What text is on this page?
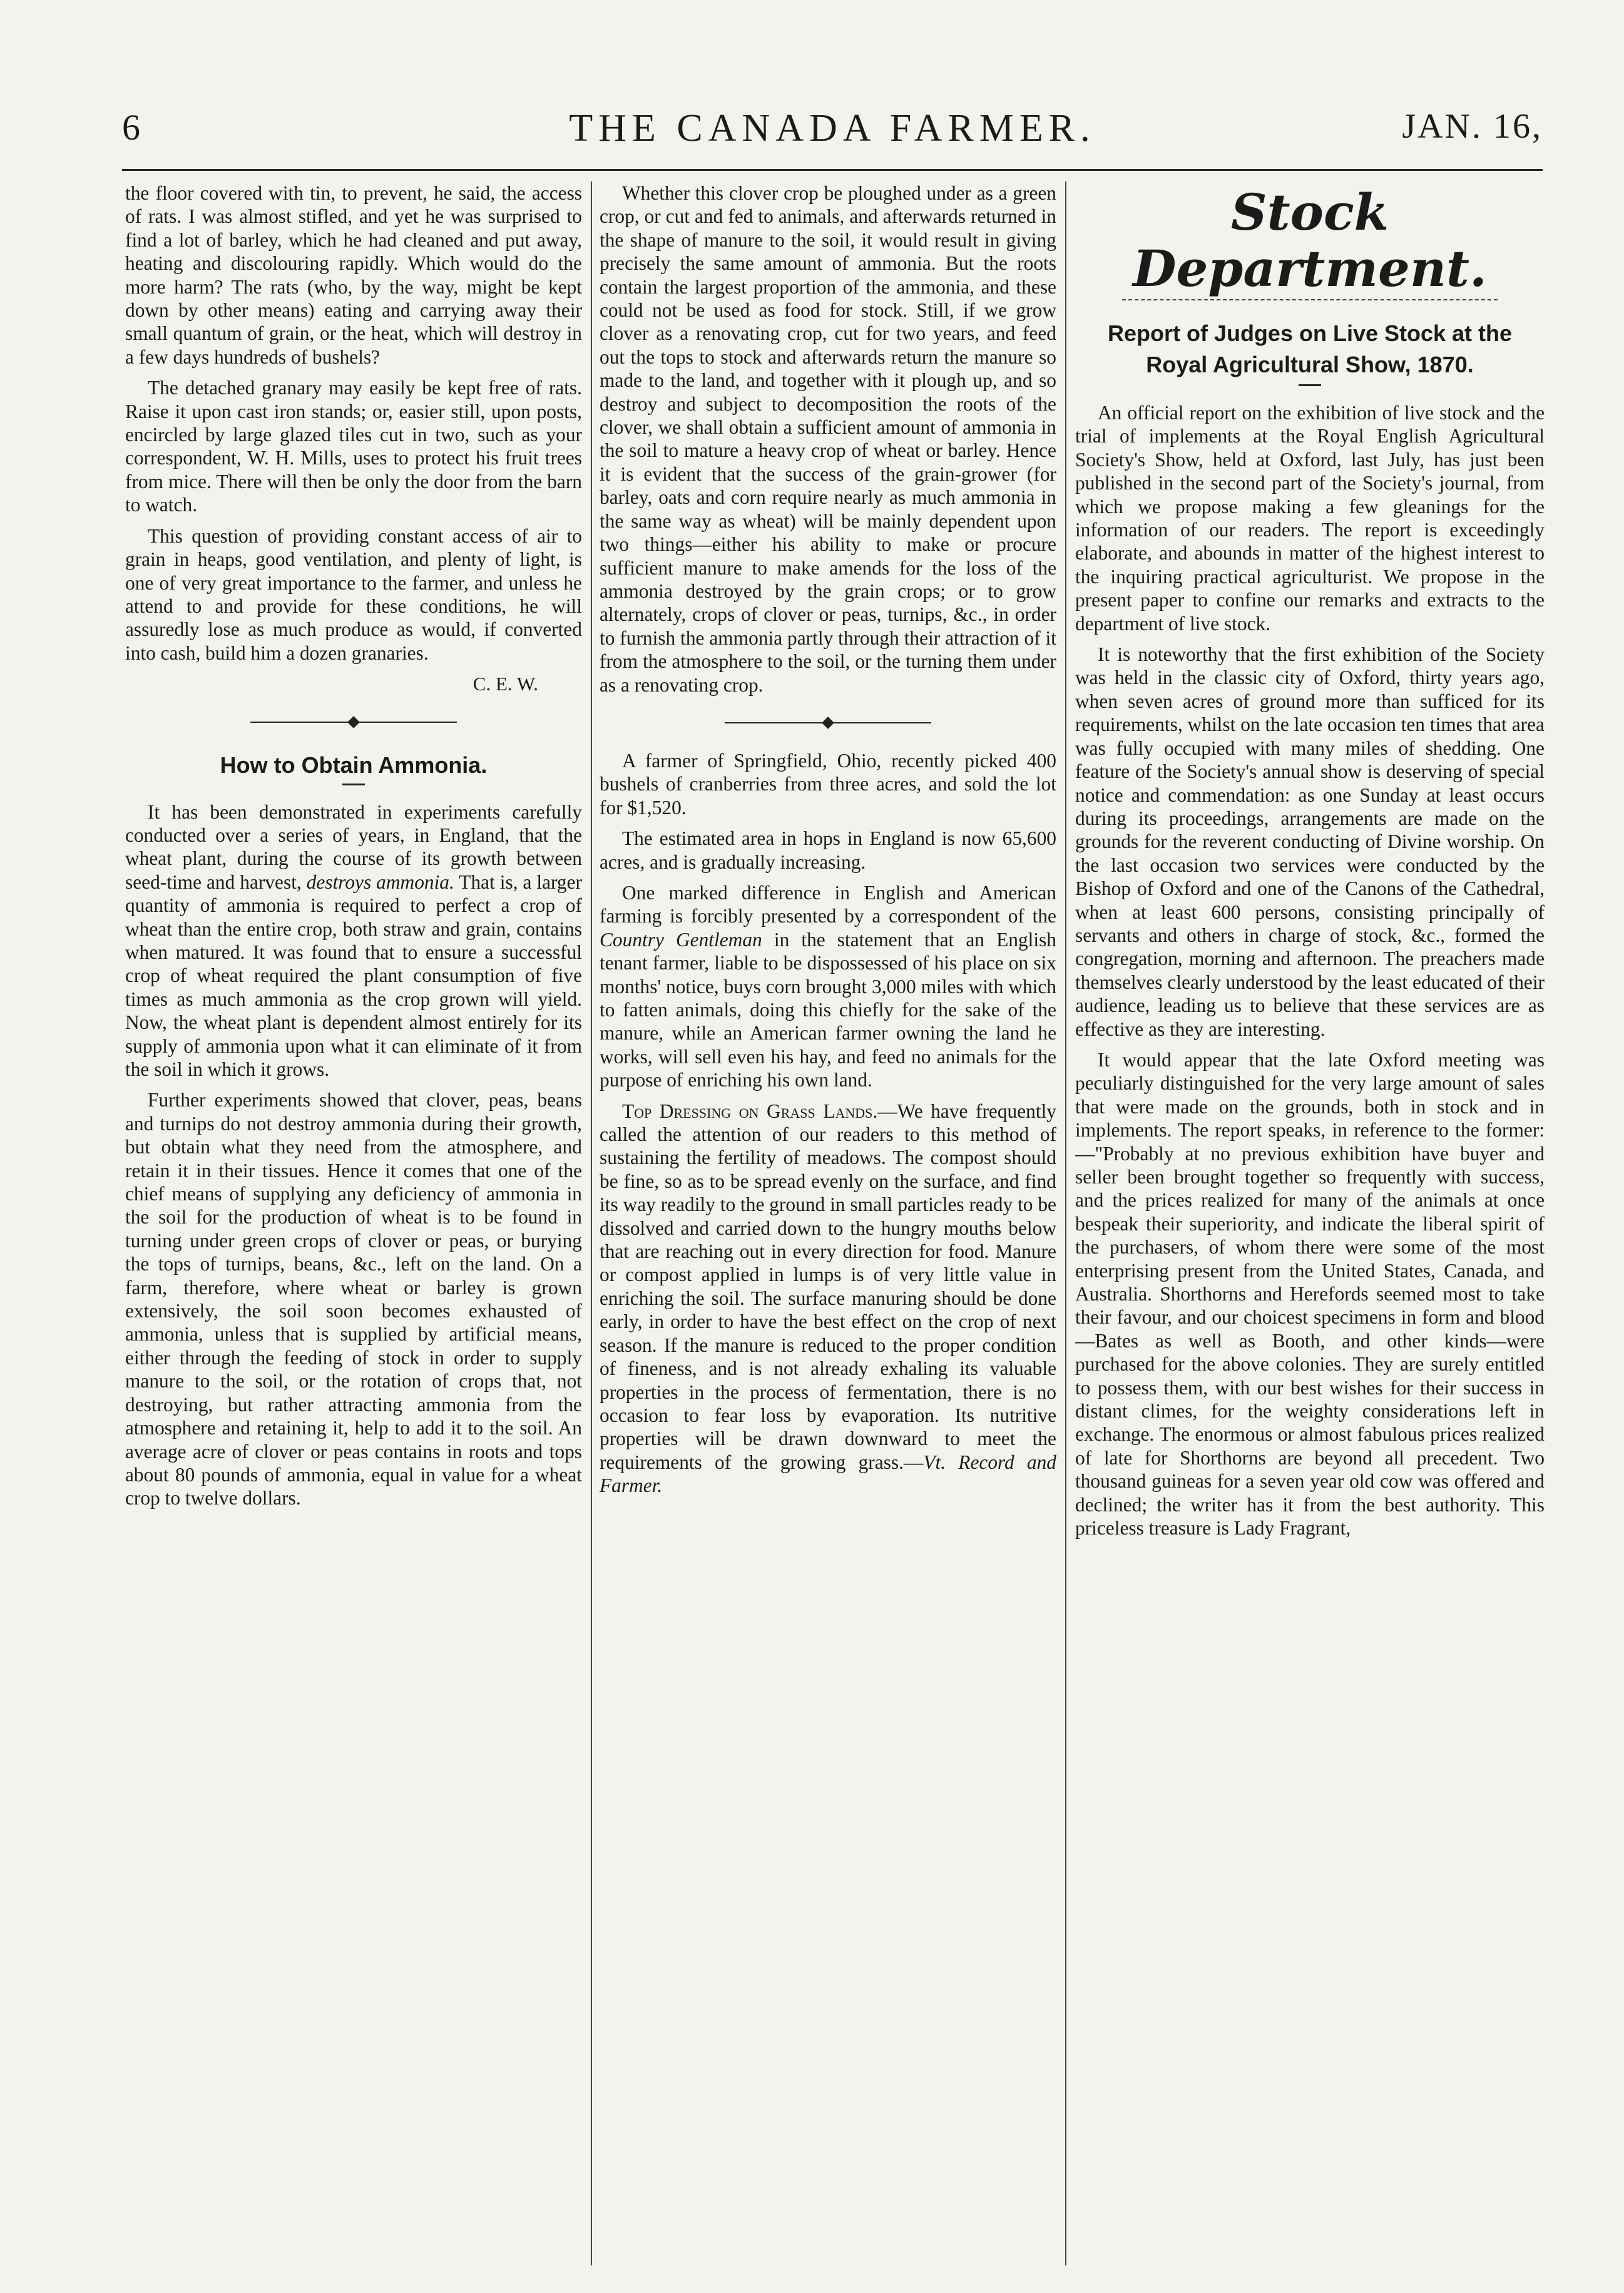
6	THE CANADA FARMER.	JAN. 16,

the floor covered with tin, to prevent, he said, the access of rats. I was almost stifled, and yet he was surprised to find a lot of barley, which he had cleaned and put away, heating and discolouring rapidly. Which would do the more harm? The rats (who, by the way, might be kept down by other means) eating and carrying away their small quantum of grain, or the heat, which will destroy in a few days hundreds of bushels?

The detached granary may easily be kept free of rats. Raise it upon cast iron stands; or, easier still, upon posts, encircled by large glazed tiles cut in two, such as your correspondent, W. H. Mills, uses to protect his fruit trees from mice. There will then be only the door from the barn to watch.

This question of providing constant access of air to grain in heaps, good ventilation, and plenty of light, is one of very great importance to the farmer, and unless he attend to and provide for these conditions, he will assuredly lose as much produce as would, if converted into cash, build him a dozen granaries.

C. E. W.

How to Obtain Ammonia.

It has been demonstrated in experiments carefully conducted over a series of years, in England, that the wheat plant, during the course of its growth between seed-time and harvest, destroys ammonia. That is, a larger quantity of ammonia is required to perfect a crop of wheat than the entire crop, both straw and grain, contains when matured. It was found that to ensure a successful crop of wheat required the plant consumption of five times as much ammonia as the crop grown will yield. Now, the wheat plant is dependent almost entirely for its supply of ammonia upon what it can eliminate of it from the soil in which it grows.

Further experiments showed that clover, peas, beans and turnips do not destroy ammonia during their growth, but obtain what they need from the atmosphere, and retain it in their tissues. Hence it comes that one of the chief means of supplying any deficiency of ammonia in the soil for the production of wheat is to be found in turning under green crops of clover or peas, or burying the tops of turnips, beans, &c., left on the land. On a farm, therefore, where wheat or barley is grown extensively, the soil soon becomes exhausted of ammonia, unless that is supplied by artificial means, either through the feeding of stock in order to supply manure to the soil, or the rotation of crops that, not destroying, but rather attracting ammonia from the atmosphere and retaining it, help to add it to the soil. An average acre of clover or peas contains in roots and tops about 80 pounds of ammonia, equal in value for a wheat crop to twelve dollars.

Whether this clover crop be ploughed under as a green crop, or cut and fed to animals, and afterwards returned in the shape of manure to the soil, it would result in giving precisely the same amount of ammonia. But the roots contain the largest proportion of the ammonia, and these could not be used as food for stock. Still, if we grow clover as a renovating crop, cut for two years, and feed out the tops to stock and afterwards return the manure so made to the land, and together with it plough up, and so destroy and subject to decomposition the roots of the clover, we shall obtain a sufficient amount of ammonia in the soil to mature a heavy crop of wheat or barley. Hence it is evident that the success of the grain-grower (for barley, oats and corn require nearly as much ammonia in the same way as wheat) will be mainly dependent upon two things—either his ability to make or procure sufficient manure to make amends for the loss of the ammonia destroyed by the grain crops; or to grow alternately, crops of clover or peas, turnips, &c., in order to furnish the ammonia partly through their attraction of it from the atmosphere to the soil, or the turning them under as a renovating crop.

A farmer of Springfield, Ohio, recently picked 400 bushels of cranberries from three acres, and sold the lot for $1,520.

The estimated area in hops in England is now 65,600 acres, and is gradually increasing.

One marked difference in English and American farming is forcibly presented by a correspondent of the Country Gentleman in the statement that an English tenant farmer, liable to be dispossessed of his place on six months' notice, buys corn brought 3,000 miles with which to fatten animals, doing this chiefly for the sake of the manure, while an American farmer owning the land he works, will sell even his hay, and feed no animals for the purpose of enriching his own land.

Top Dressing on Grass Lands.—We have frequently called the attention of our readers to this method of sustaining the fertility of meadows. The compost should be fine, so as to be spread evenly on the surface, and find its way readily to the ground in small particles ready to be dissolved and carried down to the hungry mouths below that are reaching out in every direction for food. Manure or compost applied in lumps is of very little value in enriching the soil. The surface manuring should be done early, in order to have the best effect on the crop of next season. If the manure is reduced to the proper condition of fineness, and is not already exhaling its valuable properties in the process of fermentation, there is no occasion to fear loss by evaporation. Its nutritive properties will be drawn downward to meet the requirements of the growing grass.—Vt. Record and Farmer.

Stock Department.
Report of Judges on Live Stock at the Royal Agricultural Show, 1870.

An official report on the exhibition of live stock and the trial of implements at the Royal English Agricultural Society's Show, held at Oxford, last July, has just been published in the second part of the Society's journal, from which we propose making a few gleanings for the information of our readers. The report is exceedingly elaborate, and abounds in matter of the highest interest to the inquiring practical agriculturist. We propose in the present paper to confine our remarks and extracts to the department of live stock.

It is noteworthy that the first exhibition of the Society was held in the classic city of Oxford, thirty years ago, when seven acres of ground more than sufficed for its requirements, whilst on the late occasion ten times that area was fully occupied with many miles of shedding. One feature of the Society's annual show is deserving of special notice and commendation: as one Sunday at least occurs during its proceedings, arrangements are made on the grounds for the reverent conducting of Divine worship. On the last occasion two services were conducted by the Bishop of Oxford and one of the Canons of the Cathedral, when at least 600 persons, consisting principally of servants and others in charge of stock, &c., formed the congregation, morning and afternoon. The preachers made themselves clearly understood by the least educated of their audience, leading us to believe that these services are as effective as they are interesting.

It would appear that the late Oxford meeting was peculiarly distinguished for the very large amount of sales that were made on the grounds, both in stock and in implements. The report speaks, in reference to the former:—"Probably at no previous exhibition have buyer and seller been brought together so frequently with success, and the prices realized for many of the animals at once bespeak their superiority, and indicate the liberal spirit of the purchasers, of whom there were some of the most enterprising present from the United States, Canada, and Australia. Shorthorns and Herefords seemed most to take their favour, and our choicest specimens in form and blood—Bates as well as Booth, and other kinds—were purchased for the above colonies. They are surely entitled to possess them, with our best wishes for their success in distant climes, for the weighty considerations left in exchange. The enormous or almost fabulous prices realized of late for Shorthorns are beyond all precedent. Two thousand guineas for a seven year old cow was offered and declined; the writer has it from the best authority. This priceless treasure is Lady Fragrant,
